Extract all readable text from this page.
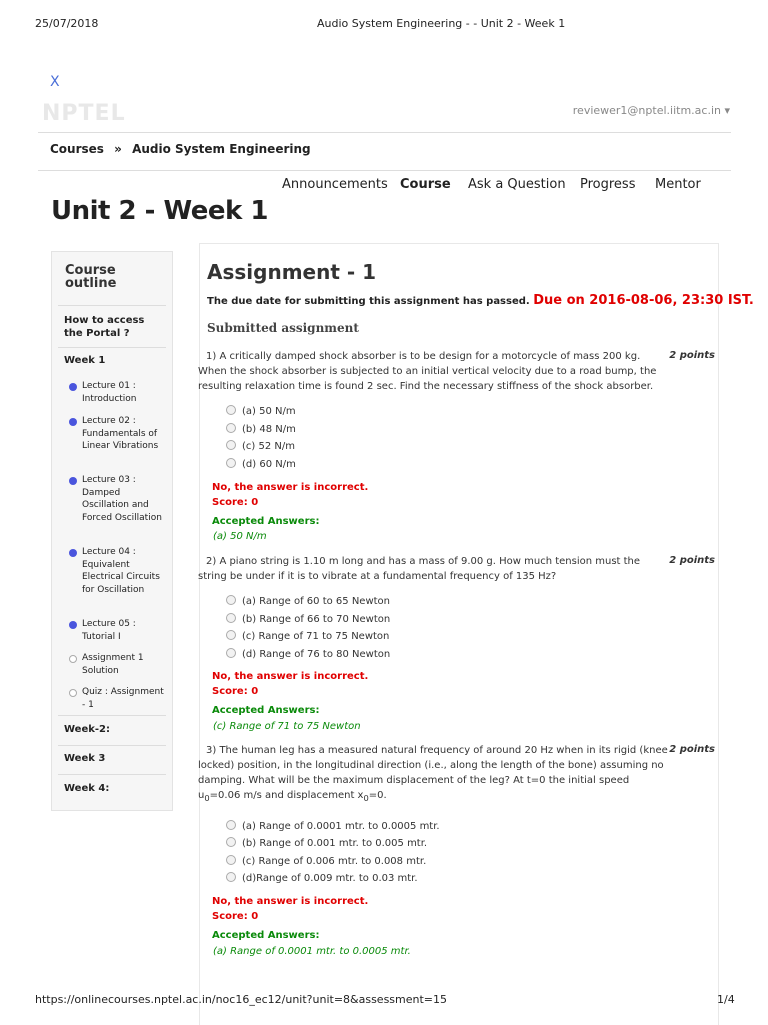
25/07/2018	Audio System Engineering - - Unit 2 - Week 1
X
NPTEL	reviewer1@nptel.iitm.ac.in ▾
Courses » Audio System Engineering
Announcements Course Ask a Question Progress Mentor
Unit 2 - Week 1
Course outline
How to access the Portal ?
Week 1
Lecture 01 : Introduction
Lecture 02 : Fundamentals of Linear Vibrations
Lecture 03 : Damped Oscillation and Forced Oscillation
Lecture 04 : Equivalent Electrical Circuits for Oscillation
Lecture 05 : Tutorial I
Assignment 1 Solution
Quiz : Assignment - 1
Week-2:
Week 3
Week 4:
Assignment - 1
The due date for submitting this assignment has passed. Due on 2016-08-06, 23:30 IST.
Submitted assignment
1) A critically damped shock absorber is to be design for a motorcycle of mass 200 kg. When the shock absorber is subjected to an initial vertical velocity due to a road bump, the resulting relaxation time is found 2 sec. Find the necessary stiffness of the shock absorber.
2 points
(a) 50 N/m
(b) 48 N/m
(c) 52 N/m
(d) 60 N/m
No, the answer is incorrect.
Score: 0
Accepted Answers:
(a) 50 N/m
2) A piano string is 1.10 m long and has a mass of 9.00 g. How much tension must the string be under if it is to vibrate at a fundamental frequency of 135 Hz?
2 points
(a) Range of 60 to 65 Newton
(b) Range of 66 to 70 Newton
(c) Range of 71 to 75 Newton
(d) Range of 76 to 80 Newton
No, the answer is incorrect.
Score: 0
Accepted Answers:
(c) Range of 71 to 75 Newton
3) The human leg has a measured natural frequency of around 20 Hz when in its rigid (knee locked) position, in the longitudinal direction (i.e., along the length of the bone) assuming no damping. What will be the maximum displacement of the leg? At t=0 the initial speed $u_0=0.06$ m/s and displacement $x_0=0$.
2 points
(a) Range of 0.0001 mtr. to 0.0005 mtr.
(b) Range of 0.001 mtr. to 0.005 mtr.
(c) Range of 0.006 mtr. to 0.008 mtr.
(d)Range of 0.009 mtr. to 0.03 mtr.
No, the answer is incorrect.
Score: 0
Accepted Answers:
(a) Range of 0.0001 mtr. to 0.0005 mtr.
https://onlinecourses.nptel.ac.in/noc16_ec12/unit?unit=8&assessment=15	1/4
